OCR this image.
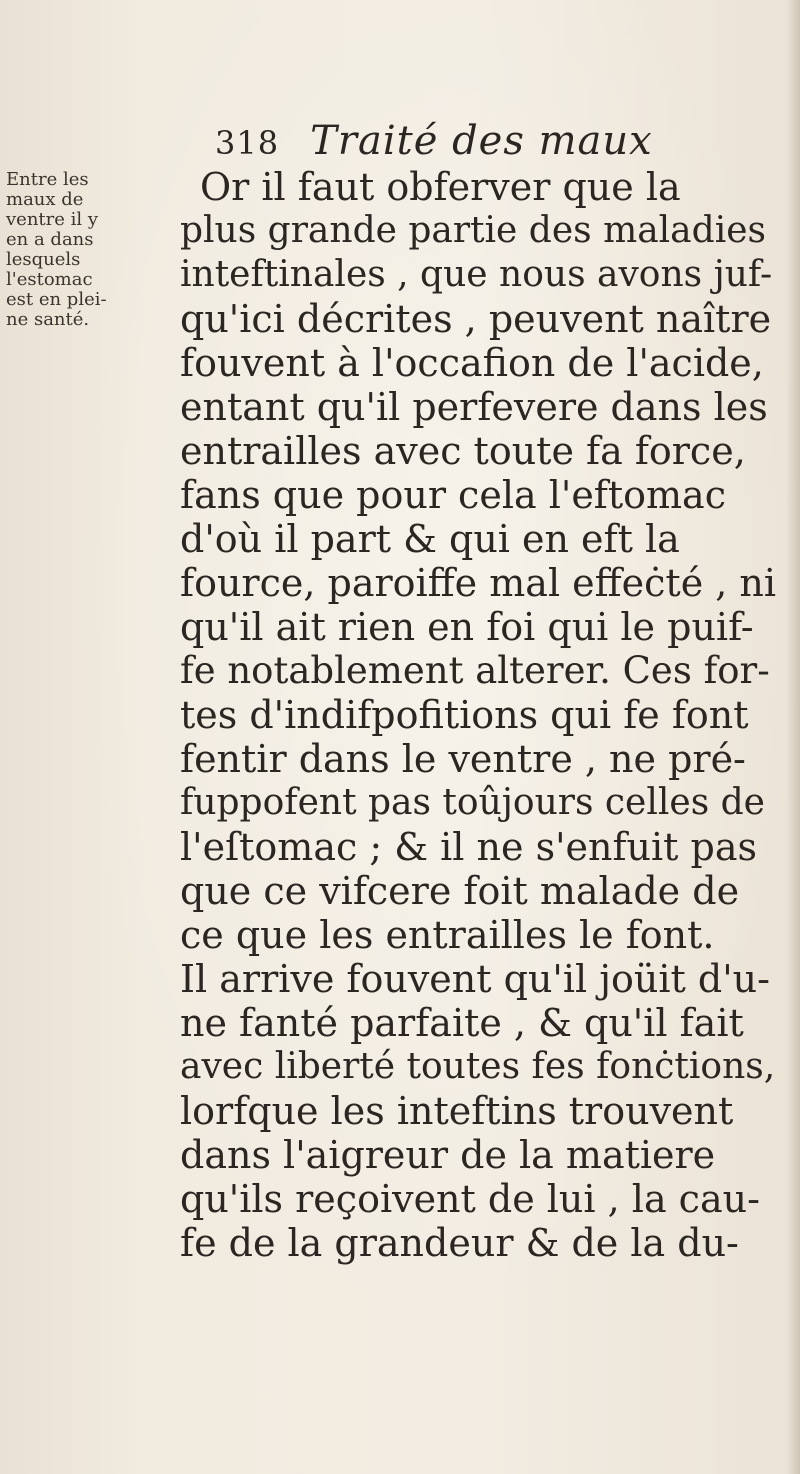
318 Traité des maux
Entre les
maux de
ventre il y
en a dans
lesquels
l'estomac
est en plei-
ne santé.
Or il faut obferver que la
plus grande partie des maladies
inteftinales , que nous avons juf-
qu'ici décrites , peuvent naître
fouvent à l'occafion de l'acide,
entant qu'il perfevere dans les
entrailles avec toute fa force,
fans que pour cela l'eftomac
d'où il part & qui en eft la
fource, paroiffe mal effeċté , ni
qu'il ait rien en foi qui le puif-
fe notablement alterer. Ces for-
tes d'indifpofitions qui fe font
fentir dans le ventre , ne pré-
fuppofent pas toûjours celles de
l'eſtomac ; & il ne s'enfuit pas
que ce vifcere foit malade de
ce que les entrailles le font.
Il arrive fouvent qu'il joüit d'u-
ne fanté parfaite , & qu'il fait
avec liberté toutes fes fonċtions,
lorfque les inteftins trouvent
dans l'aigreur de la matiere
qu'ils reçoivent de lui , la cau-
fe de la grandeur & de la du-
